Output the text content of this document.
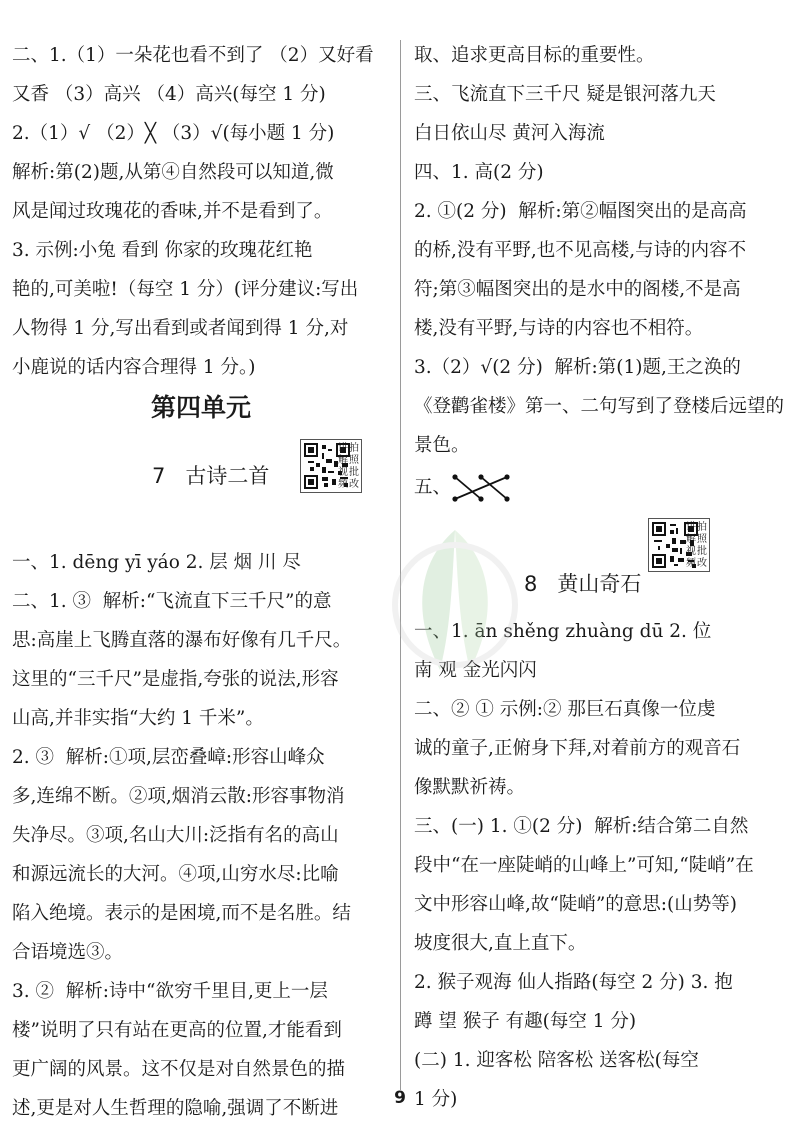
二、1.（1）一朵花也看不到了 （2）又好看
又香 （3）高兴 （4）高兴(每空 1 分)
2.（1）√ （2）╳ （3）√(每小题 1 分)
解析:第(2)题,从第④自然段可以知道,微
风是闻过玫瑰花的香味,并不是看到了。
3. 示例:小兔 看到 你家的玫瑰花红艳
艳的,可美啦!（每空 1 分）(评分建议:写出
人物得 1 分,写出看到或者闻到得 1 分,对
小鹿说的话内容合理得 1 分。)
第四单元
7 古诗二首
拍照批改
讲解视频
一、1. dēng yī yáo 2. 层 烟 川 尽
二、1. ③  解析:“飞流直下三千尺”的意
思:高崖上飞腾直落的瀑布好像有几千尺。
这里的“三千尺”是虚指,夸张的说法,形容
山高,并非实指“大约 1 千米”。
2. ③  解析:①项,层峦叠嶂:形容山峰众
多,连绵不断。②项,烟消云散:形容事物消
失净尽。③项,名山大川:泛指有名的高山
和源远流长的大河。④项,山穷水尽:比喻
陷入绝境。表示的是困境,而不是名胜。结
合语境选③。
3. ②  解析:诗中“欲穷千里目,更上一层
楼”说明了只有站在更高的位置,才能看到
更广阔的风景。这不仅是对自然景色的描
述,更是对人生哲理的隐喻,强调了不断进
取、追求更高目标的重要性。
三、飞流直下三千尺 疑是银河落九天
白日依山尽 黄河入海流
四、1. 高(2 分)
2. ①(2 分)  解析:第②幅图突出的是高高
的桥,没有平野,也不见高楼,与诗的内容不
符;第③幅图突出的是水中的阁楼,不是高
楼,没有平野,与诗的内容也不相符。
3.（2）√(2 分)  解析:第(1)题,王之涣的
《登鹳雀楼》第一、二句写到了登楼后远望的
景色。
五、
8 黄山奇石
拍照批改
讲解视频
一、1. ān shěng zhuàng dū 2. 位
南 观 金光闪闪
二、② ① 示例:② 那巨石真像一位虔
诚的童子,正俯身下拜,对着前方的观音石
像默默祈祷。
三、(一) 1. ①(2 分)  解析:结合第二自然
段中“在一座陡峭的山峰上”可知,“陡峭”在
文中形容山峰,故“陡峭”的意思:(山势等)
坡度很大,直上直下。
2. 猴子观海 仙人指路(每空 2 分) 3. 抱
蹲 望 猴子 有趣(每空 1 分)
(二) 1. 迎客松 陪客松 送客松(每空
1 分)
9
